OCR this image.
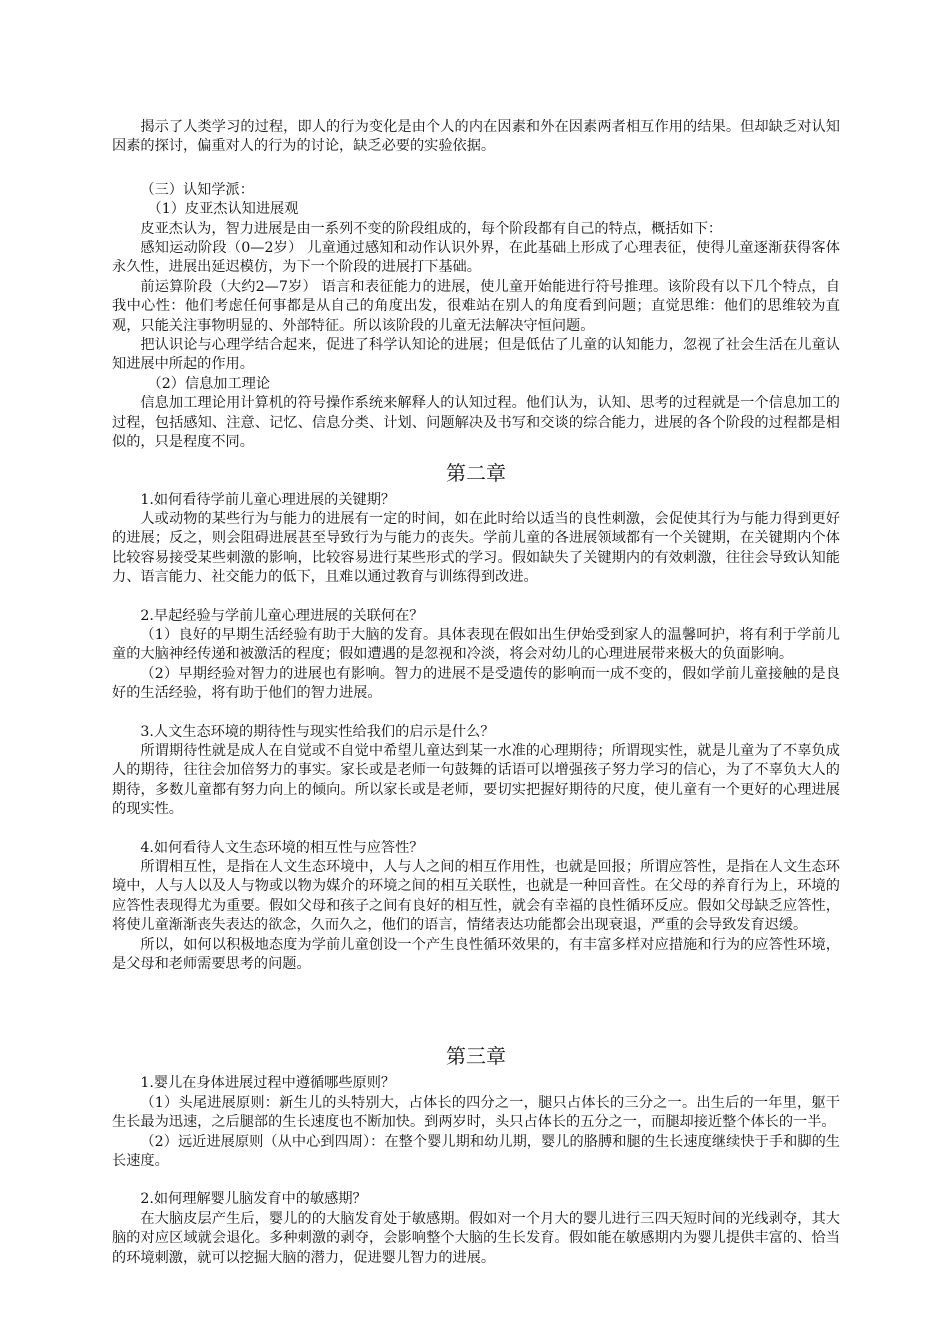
揭示了人类学习的过程，即人的行为变化是由个人的内在因素和外在因素两者相互作用的结果。但却缺乏对认知因素的探讨，偏重对人的行为的讨论，缺乏必要的实验依据。

（三）认知学派：

（1）皮亚杰认知进展观

皮亚杰认为，智力进展是由一系列不变的阶段组成的，每个阶段都有自己的特点，概括如下：

感知运动阶段（0—2岁） 儿童通过感知和动作认识外界，在此基础上形成了心理表征，使得儿童逐渐获得客体永久性，进展出延迟模仿，为下一个阶段的进展打下基础。

前运算阶段（大约2—7岁） 语言和表征能力的进展，使儿童开始能进行符号推理。该阶段有以下几个特点，自我中心性：他们考虑任何事都是从自己的角度出发，很难站在别人的角度看到问题；直觉思维：他们的思维较为直观，只能关注事物明显的、外部特征。所以该阶段的儿童无法解决守恒问题。

把认识论与心理学结合起来，促进了科学认知论的进展；但是低估了儿童的认知能力，忽视了社会生活在儿童认知进展中所起的作用。

（2）信息加工理论

信息加工理论用计算机的符号操作系统来解释人的认知过程。他们认为，认知、思考的过程就是一个信息加工的过程，包括感知、注意、记忆、信息分类、计划、问题解决及书写和交谈的综合能力，进展的各个阶段的过程都是相似的，只是程度不同。

第二章

1.如何看待学前儿童心理进展的关键期？

人或动物的某些行为与能力的进展有一定的时间，如在此时给以适当的良性刺激，会促使其行为与能力得到更好的进展；反之，则会阻碍进展甚至导致行为与能力的丧失。学前儿童的各进展领域都有一个关键期，在关键期内个体比较容易接受某些刺激的影响，比较容易进行某些形式的学习。假如缺失了关键期内的有效刺激，往往会导致认知能力、语言能力、社交能力的低下，且难以通过教育与训练得到改进。

2.早起经验与学前儿童心理进展的关联何在？

（1）良好的早期生活经验有助于大脑的发育。具体表现在假如出生伊始受到家人的温馨呵护，将有利于学前儿童的大脑神经传递和被激活的程度；假如遭遇的是忽视和冷淡，将会对幼儿的心理进展带来极大的负面影响。

（2）早期经验对智力的进展也有影响。智力的进展不是受遗传的影响而一成不变的，假如学前儿童接触的是良好的生活经验，将有助于他们的智力进展。

3.人文生态环境的期待性与现实性给我们的启示是什么？

所谓期待性就是成人在自觉或不自觉中希望儿童达到某一水准的心理期待；所谓现实性，就是儿童为了不辜负成人的期待，往往会加倍努力的事实。家长或是老师一句鼓舞的话语可以增强孩子努力学习的信心，为了不辜负大人的期待，多数儿童都有努力向上的倾向。所以家长或是老师，要切实把握好期待的尺度，使儿童有一个更好的心理进展的现实性。

4.如何看待人文生态环境的相互性与应答性？

所谓相互性，是指在人文生态环境中，人与人之间的相互作用性，也就是回报；所谓应答性，是指在人文生态环境中，人与人以及人与物或以物为媒介的环境之间的相互关联性，也就是一种回音性。在父母的养育行为上，环境的应答性表现得尤为重要。假如父母和孩子之间有良好的相互性，就会有幸福的良性循环反应。假如父母缺乏应答性，将使儿童渐渐丧失表达的欲念，久而久之，他们的语言，情绪表达功能都会出现衰退，严重的会导致发育迟缓。

所以，如何以积极地态度为学前儿童创设一个产生良性循环效果的，有丰富多样对应措施和行为的应答性环境，是父母和老师需要思考的问题。

第三章

1.婴儿在身体进展过程中遵循哪些原则？

（1）头尾进展原则：新生儿的头特别大，占体长的四分之一，腿只占体长的三分之一。出生后的一年里，躯干生长最为迅速，之后腿部的生长速度也不断加快。到两岁时，头只占体长的五分之一，而腿却接近整个体长的一半。

（2）远近进展原则（从中心到四周）：在整个婴儿期和幼儿期，婴儿的胳膊和腿的生长速度继续快于手和脚的生长速度。

2.如何理解婴儿脑发育中的敏感期？

在大脑皮层产生后，婴儿的的大脑发育处于敏感期。假如对一个月大的婴儿进行三四天短时间的光线剥夺，其大脑的对应区域就会退化。多种刺激的剥夺，会影响整个大脑的生长发育。假如能在敏感期内为婴儿提供丰富的、恰当的环境刺激，就可以挖掘大脑的潜力，促进婴儿智力的进展。
